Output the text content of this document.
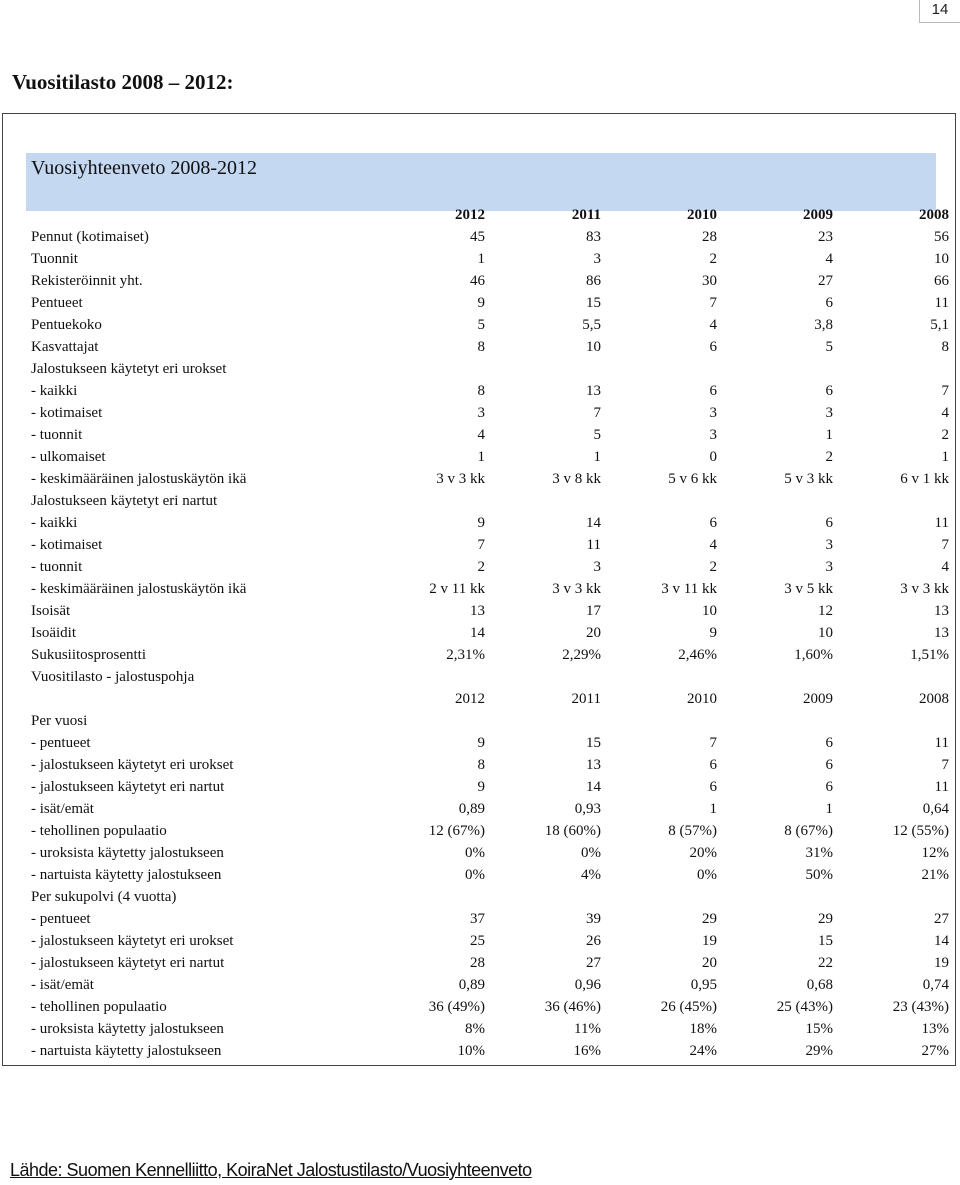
14
Vuositilasto 2008 – 2012:
Vuosiyhteenveto 2008-2012
	2012	2011	2010	2009	2008
Pennut (kotimaiset)	45	83	28	23	56
Tuonnit	1	3	2	4	10
Rekisteröinnit yht.	46	86	30	27	66
Pentueet	9	15	7	6	11
Pentuekoko	5	5,5	4	3,8	5,1
Kasvattajat	8	10	6	5	8
Jalostukseen käytetyt eri urokset					
- kaikki	8	13	6	6	7
- kotimaiset	3	7	3	3	4
- tuonnit	4	5	3	1	2
- ulkomaiset	1	1	0	2	1
- keskimääräinen jalostuskäytön ikä	3 v 3 kk	3 v 8 kk	5 v 6 kk	5 v 3 kk	6 v 1 kk
Jalostukseen käytetyt eri nartut					
- kaikki	9	14	6	6	11
- kotimaiset	7	11	4	3	7
- tuonnit	2	3	2	3	4
- keskimääräinen jalostuskäytön ikä	2 v 11 kk	3 v 3 kk	3 v 11 kk	3 v 5 kk	3 v 3 kk
Isoisät	13	17	10	12	13
Isoäidit	14	20	9	10	13
Sukusiitosprosentti	2,31%	2,29%	2,46%	1,60%	1,51%
Vuositilasto - jalostuspohja					
	2012	2011	2010	2009	2008
Per vuosi					
- pentueet	9	15	7	6	11
- jalostukseen käytetyt eri urokset	8	13	6	6	7
- jalostukseen käytetyt eri nartut	9	14	6	6	11
- isät/emät	0,89	0,93	1	1	0,64
- tehollinen populaatio	12 (67%)	18 (60%)	8 (57%)	8 (67%)	12 (55%)
- uroksista käytetty jalostukseen	0%	0%	20%	31%	12%
- nartuista käytetty jalostukseen	0%	4%	0%	50%	21%
Per sukupolvi (4 vuotta)					
- pentueet	37	39	29	29	27
- jalostukseen käytetyt eri urokset	25	26	19	15	14
- jalostukseen käytetyt eri nartut	28	27	20	22	19
- isät/emät	0,89	0,96	0,95	0,68	0,74
- tehollinen populaatio	36 (49%)	36 (46%)	26 (45%)	25 (43%)	23 (43%)
- uroksista käytetty jalostukseen	8%	11%	18%	15%	13%
- nartuista käytetty jalostukseen	10%	16%	24%	29%	27%
Lähde: Suomen Kennelliitto, KoiraNet Jalostustilasto/Vuosiyhteenveto
